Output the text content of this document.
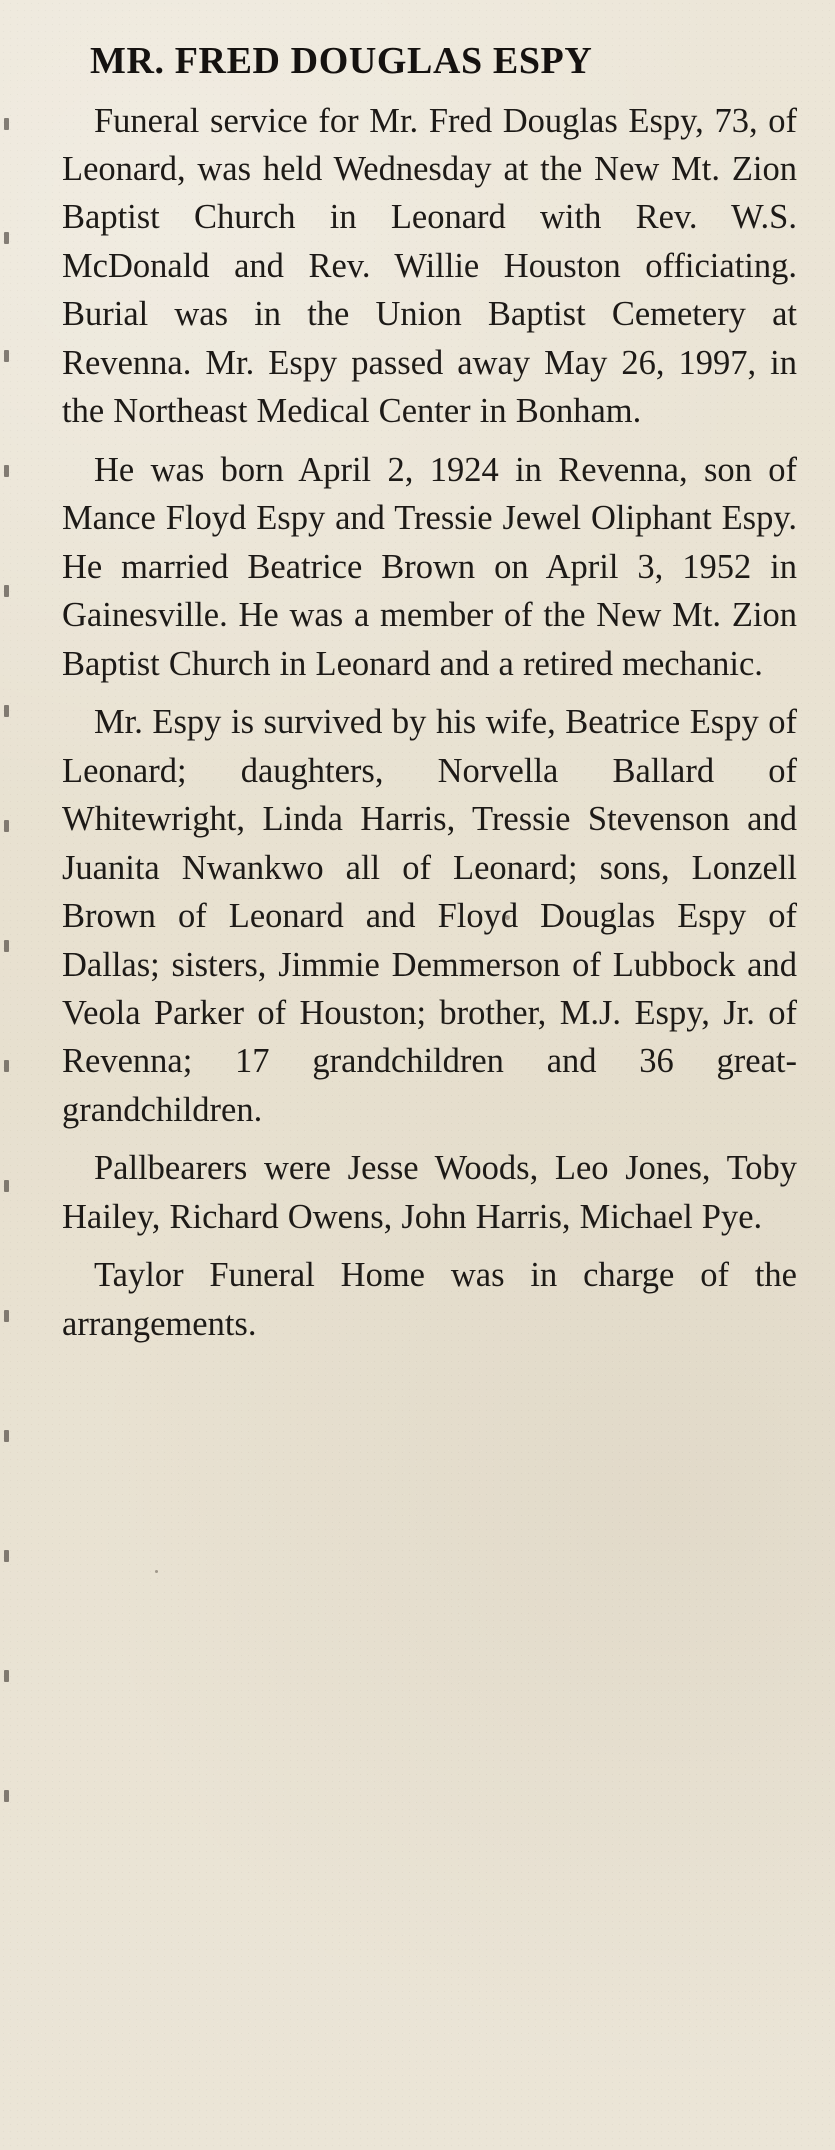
MR. FRED DOUGLAS ESPY

Funeral service for Mr. Fred Douglas Espy, 73, of Leonard, was held Wednesday at the New Mt. Zion Baptist Church in Leonard with Rev. W.S. McDonald and Rev. Willie Houston officiating. Burial was in the Union Baptist Cemetery at Revenna. Mr. Espy passed away May 26, 1997, in the Northeast Medical Center in Bonham.

He was born April 2, 1924 in Revenna, son of Mance Floyd Espy and Tressie Jewel Oliphant Espy. He married Beatrice Brown on April 3, 1952 in Gainesville. He was a member of the New Mt. Zion Baptist Church in Leonard and a retired mechanic.

Mr. Espy is survived by his wife, Beatrice Espy of Leonard; daughters, Norvella Ballard of Whitewright, Linda Harris, Tressie Stevenson and Juanita Nwankwo all of Leonard; sons, Lonzell Brown of Leonard and Floyd Douglas Espy of Dallas; sisters, Jimmie Demmerson of Lubbock and Veola Parker of Houston; brother, M.J. Espy, Jr. of Revenna; 17 grandchildren and 36 great-grandchildren.

Pallbearers were Jesse Woods, Leo Jones, Toby Hailey, Richard Owens, John Harris, Michael Pye.

Taylor Funeral Home was in charge of the arrangements.
